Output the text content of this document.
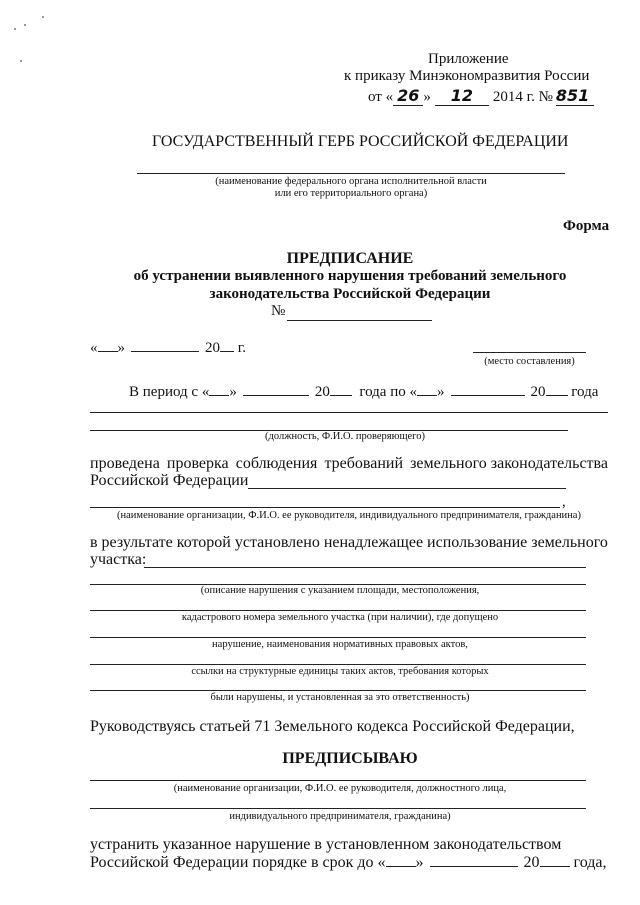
Приложение
к приказу Минэкономразвития России
от « 26 » 12 2014 г. № 851
ГОСУДАРСТВЕННЫЙ ГЕРБ РОССИЙСКОЙ ФЕДЕРАЦИИ
(наименование федерального органа исполнительной власти
или его территориального органа)
Форма
ПРЕДПИСАНИЕ
об устранении выявленного нарушения требований земельного
законодательства Российской Федерации
№
« »	20 г.
(место составления)
В период с « »	20 года по « »	20 года
(должность, Ф.И.О. проверяющего)
проведена проверка соблюдения требований земельного законодательства
Российской Федерации
,
(наименование организации, Ф.И.О. ее руководителя, индивидуального предпринимателя, гражданина)
в результате которой установлено ненадлежащее использование земельного
участка:
(описание нарушения с указанием площади, местоположения,
кадастрового номера земельного участка (при наличии), где допущено
нарушение, наименования нормативных правовых актов,
ссылки на структурные единицы таких актов, требования которых
были нарушены, и установленная за это ответственность)
Руководствуясь статьей 71 Земельного кодекса Российской Федерации,
ПРЕДПИСЫВАЮ
(наименование организации, Ф.И.О. ее руководителя, должностного лица,
индивидуального предпринимателя, гражданина)
устранить указанное нарушение в установленном законодательством
Российской Федерации порядке в срок до « »	20 года,
